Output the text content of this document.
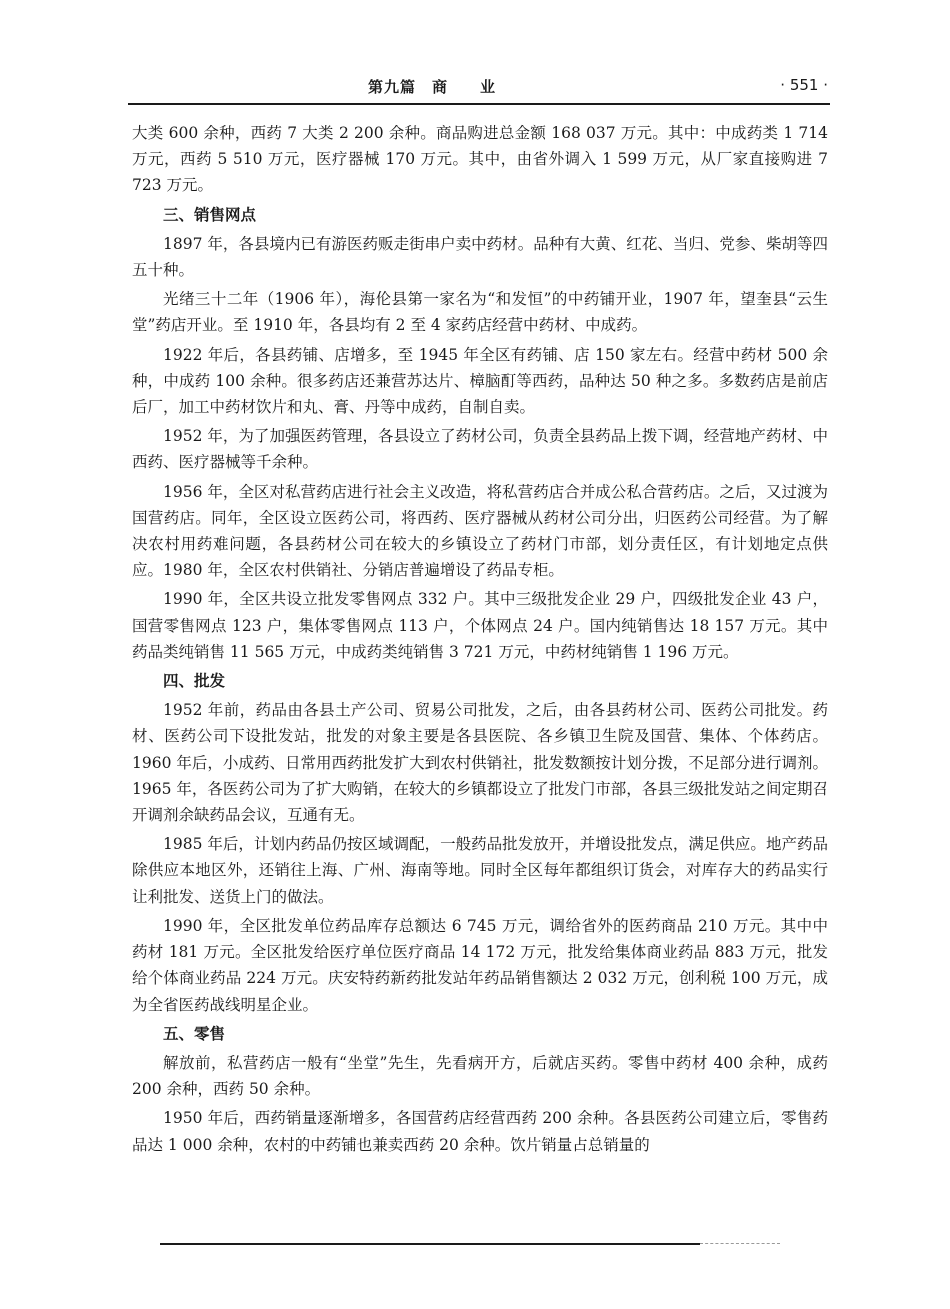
第九篇　商　　业	· 551 ·

大类 600 余种，西药 7 大类 2 200 余种。商品购进总金额 168 037 万元。其中：中成药类 1 714 万元，西药 5 510 万元，医疗器械 170 万元。其中，由省外调入 1 599 万元，从厂家直接购进 7 723 万元。

三、销售网点

1897 年，各县境内已有游医药贩走街串户卖中药材。品种有大黄、红花、当归、党参、柴胡等四五十种。

光绪三十二年（1906 年），海伦县第一家名为“和发恒”的中药铺开业，1907 年，望奎县“云生堂”药店开业。至 1910 年，各县均有 2 至 4 家药店经营中药材、中成药。

1922 年后，各县药铺、店增多，至 1945 年全区有药铺、店 150 家左右。经营中药材 500 余种，中成药 100 余种。很多药店还兼营苏达片、樟脑酊等西药，品种达 50 种之多。多数药店是前店后厂，加工中药材饮片和丸、膏、丹等中成药，自制自卖。

1952 年，为了加强医药管理，各县设立了药材公司，负责全县药品上拨下调，经营地产药材、中西药、医疗器械等千余种。

1956 年，全区对私营药店进行社会主义改造，将私营药店合并成公私合营药店。之后，又过渡为国营药店。同年，全区设立医药公司，将西药、医疗器械从药材公司分出，归医药公司经营。为了解决农村用药难问题，各县药材公司在较大的乡镇设立了药材门市部，划分责任区，有计划地定点供应。1980 年，全区农村供销社、分销店普遍增设了药品专柜。

1990 年，全区共设立批发零售网点 332 户。其中三级批发企业 29 户，四级批发企业 43 户，国营零售网点 123 户，集体零售网点 113 户，个体网点 24 户。国内纯销售达 18 157 万元。其中药品类纯销售 11 565 万元，中成药类纯销售 3 721 万元，中药材纯销售 1 196 万元。

四、批发

1952 年前，药品由各县土产公司、贸易公司批发，之后，由各县药材公司、医药公司批发。药材、医药公司下设批发站，批发的对象主要是各县医院、各乡镇卫生院及国营、集体、个体药店。1960 年后，小成药、日常用西药批发扩大到农村供销社，批发数额按计划分拨，不足部分进行调剂。1965 年，各医药公司为了扩大购销，在较大的乡镇都设立了批发门市部，各县三级批发站之间定期召开调剂余缺药品会议，互通有无。

1985 年后，计划内药品仍按区域调配，一般药品批发放开，并增设批发点，满足供应。地产药品除供应本地区外，还销往上海、广州、海南等地。同时全区每年都组织订货会，对库存大的药品实行让利批发、送货上门的做法。

1990 年，全区批发单位药品库存总额达 6 745 万元，调给省外的医药商品 210 万元。其中中药材 181 万元。全区批发给医疗单位医疗商品 14 172 万元，批发给集体商业药品 883 万元，批发给个体商业药品 224 万元。庆安特药新药批发站年药品销售额达 2 032 万元，创利税 100 万元，成为全省医药战线明星企业。

五、零售

解放前，私营药店一般有“坐堂”先生，先看病开方，后就店买药。零售中药材 400 余种，成药 200 余种，西药 50 余种。

1950 年后，西药销量逐渐增多，各国营药店经营西药 200 余种。各县医药公司建立后，零售药品达 1 000 余种，农村的中药铺也兼卖西药 20 余种。饮片销量占总销量的
